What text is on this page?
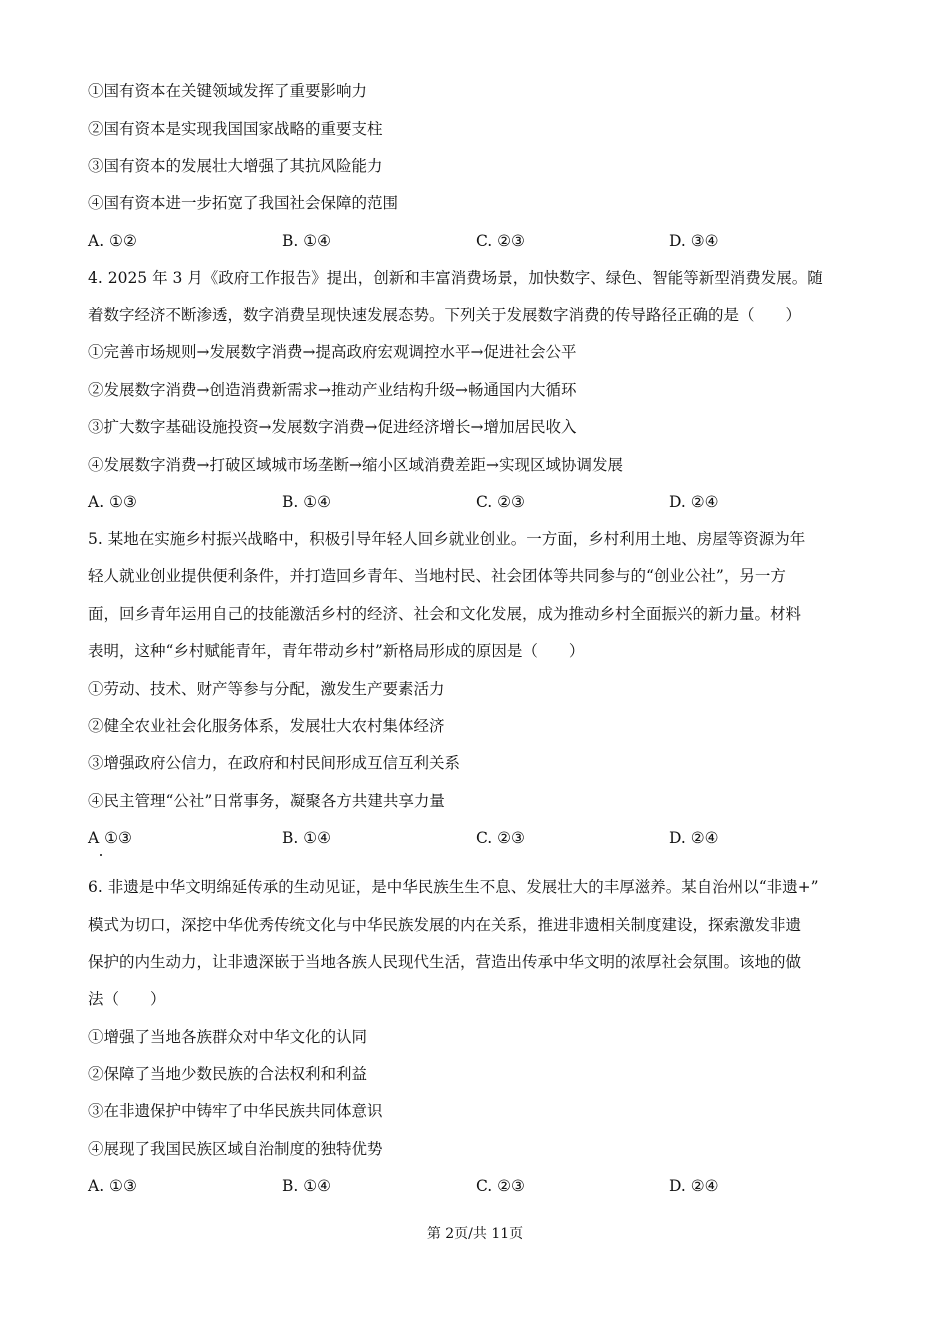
①国有资本在关键领域发挥了重要影响力
②国有资本是实现我国国家战略的重要支柱
③国有资本的发展壮大增强了其抗风险能力
④国有资本进一步拓宽了我国社会保障的范围
A. ①②	B. ①④	C. ②③	D. ③④
4. 2025 年 3 月《政府工作报告》提出，创新和丰富消费场景，加快数字、绿色、智能等新型消费发展。随
着数字经济不断渗透，数字消费呈现快速发展态势。下列关于发展数字消费的传导路径正确的是（　　）
①完善市场规则→发展数字消费→提高政府宏观调控水平→促进社会公平
②发展数字消费→创造消费新需求→推动产业结构升级→畅通国内大循环
③扩大数字基础设施投资→发展数字消费→促进经济增长→增加居民收入
④发展数字消费→打破区域城市场垄断→缩小区域消费差距→实现区域协调发展
A. ①③	B. ①④	C. ②③	D. ②④
5. 某地在实施乡村振兴战略中，积极引导年轻人回乡就业创业。一方面，乡村利用土地、房屋等资源为年
轻人就业创业提供便利条件，并打造回乡青年、当地村民、社会团体等共同参与的“创业公社”，另一方
面，回乡青年运用自己的技能激活乡村的经济、社会和文化发展，成为推动乡村全面振兴的新力量。材料
表明，这种“乡村赋能青年，青年带动乡村”新格局形成的原因是（　　）
①劳动、技术、财产等参与分配，激发生产要素活力
②健全农业社会化服务体系，发展壮大农村集体经济
③增强政府公信力，在政府和村民间形成互信互利关系
④民主管理“公社”日常事务，凝聚各方共建共享力量
A ①③	B. ①④	C. ②③	D. ②④
6. 非遗是中华文明绵延传承的生动见证，是中华民族生生不息、发展壮大的丰厚滋养。某自治州以“非遗+”
模式为切口，深挖中华优秀传统文化与中华民族发展的内在关系，推进非遗相关制度建设，探索激发非遗
保护的内生动力，让非遗深嵌于当地各族人民现代生活，营造出传承中华文明的浓厚社会氛围。该地的做
法（　　）
①增强了当地各族群众对中华文化的认同
②保障了当地少数民族的合法权利和利益
③在非遗保护中铸牢了中华民族共同体意识
④展现了我国民族区域自治制度的独特优势
A. ①③	B. ①④	C. ②③	D. ②④
第 2页/共 11页
